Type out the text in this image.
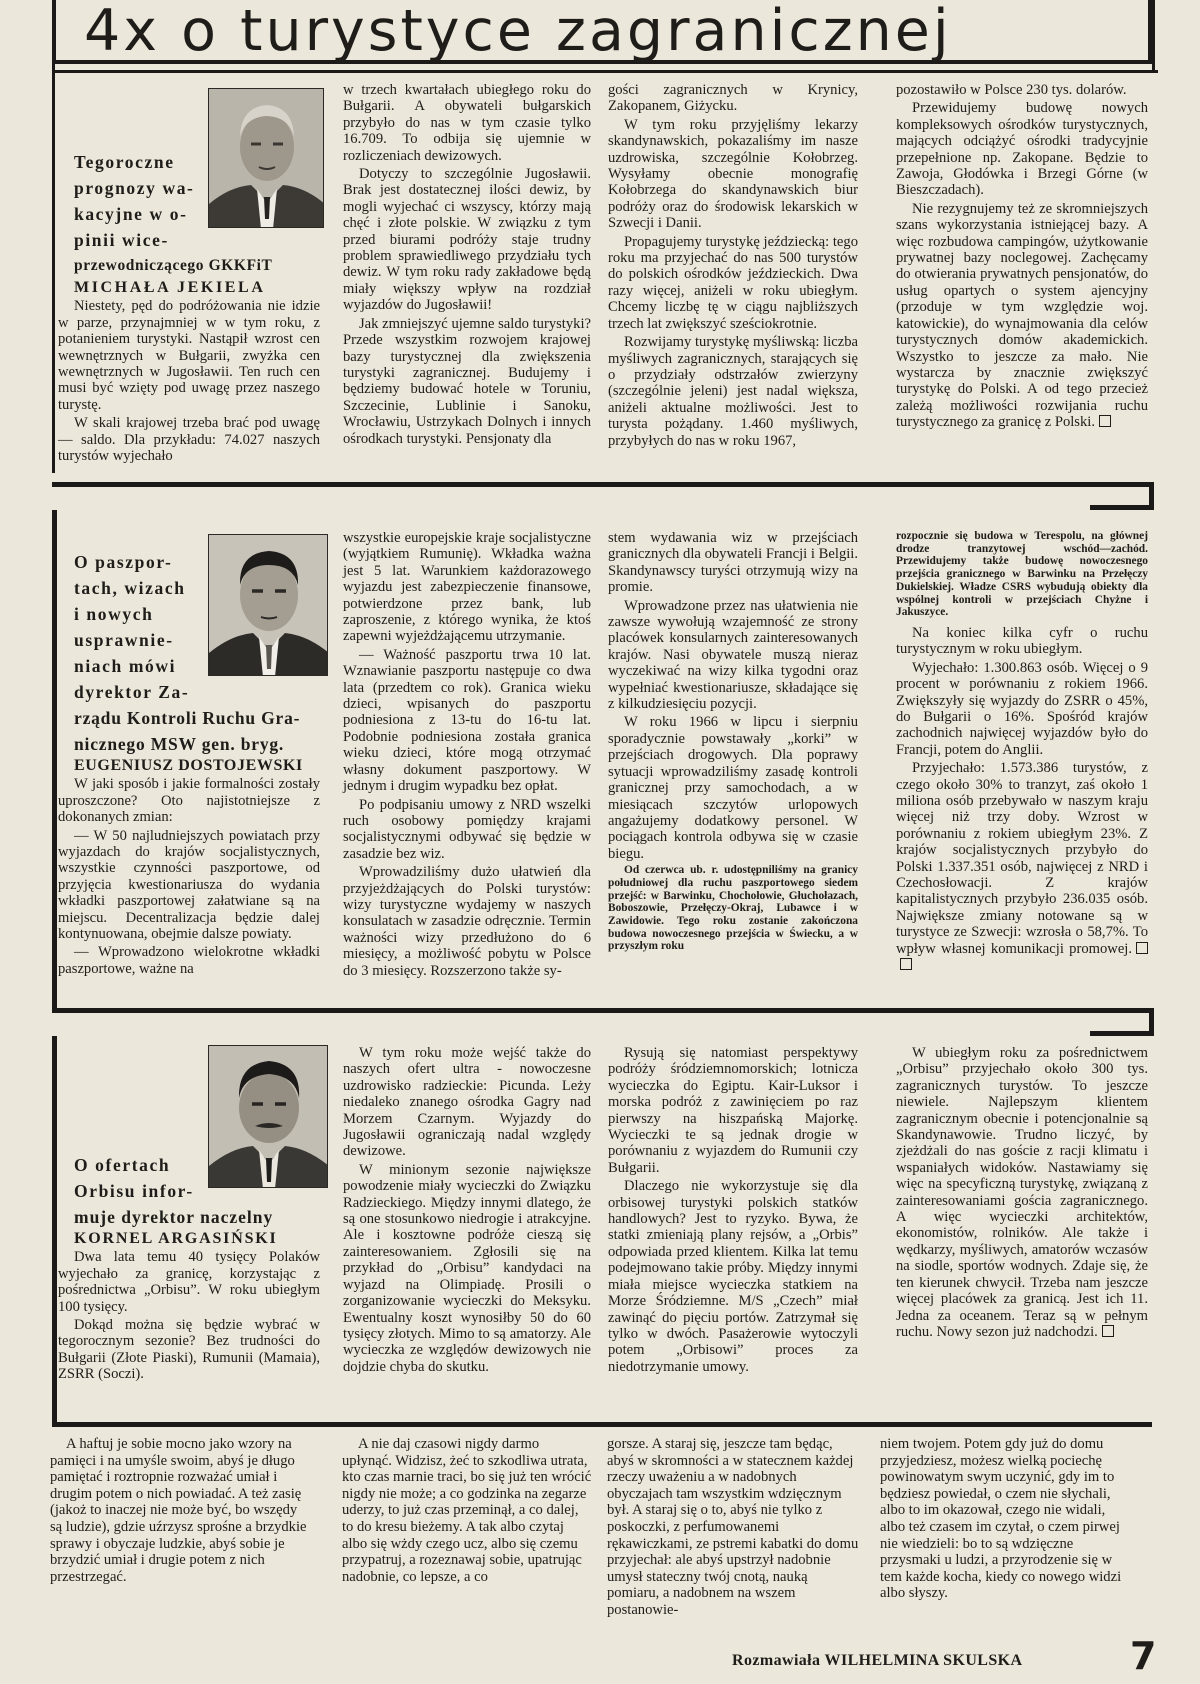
4x o turystyce zagranicznej

Tegoroczne

prognozy wa-

kacyjne w o-

pinii wice-

przewodniczącego GKKFiT

MICHAŁA JEKIELA

Niestety, pęd do podróżowania nie idzie w parze, przynajmniej w w tym roku, z potanieniem turystyki. Nastąpił wzrost cen wewnętrznych w Bułgarii, zwyżka cen wewnętrznych w Jugosławii. Ten ruch cen musi być wzięty pod uwagę przez naszego turystę.

W skali krajowej trzeba brać pod uwagę — saldo. Dla przykładu: 74.027 naszych turystów wyjechało

w trzech kwartałach ubiegłego roku do Bułgarii. A obywateli bułgarskich przybyło do nas w tym czasie tylko 16.709. To odbija się ujemnie w rozliczeniach dewizowych.

Dotyczy to szczególnie Jugosławii. Brak jest dostatecznej ilości dewiz, by mogli wyjechać ci wszyscy, którzy mają chęć i złote polskie. W związku z tym przed biurami podróży staje trudny problem sprawiedliwego przydziału tych dewiz. W tym roku rady zakładowe będą miały większy wpływ na rozdział wyjazdów do Jugosławii!

Jak zmniejszyć ujemne saldo turystyki? Przede wszystkim rozwojem krajowej bazy turystycznej dla zwiększenia turystyki zagranicznej. Budujemy i będziemy budować hotele w Toruniu, Szczecinie, Lublinie i Sanoku, Wrocławiu, Ustrzykach Dolnych i innych ośrodkach turystyki. Pensjonaty dla

gości zagranicznych w Krynicy, Zakopanem, Giżycku.

W tym roku przyjęliśmy lekarzy skandynawskich, pokazaliśmy im nasze uzdrowiska, szczególnie Kołobrzeg. Wysyłamy obecnie monografię Kołobrzega do skandynawskich biur podróży oraz do środowisk lekarskich w Szwecji i Danii.

Propagujemy turystykę jeździecką: tego roku ma przyjechać do nas 500 turystów do polskich ośrodków jeździeckich. Dwa razy więcej, aniżeli w roku ubiegłym. Chcemy liczbę tę w ciągu najbliższych trzech lat zwiększyć sześciokrotnie.

Rozwijamy turystykę myśliwską: liczba myśliwych zagranicznych, starających się o przydziały odstrzałów zwierzyny (szczególnie jeleni) jest nadal większa, aniżeli aktualne możliwości. Jest to turysta pożądany. 1.460 myśliwych, przybyłych do nas w roku 1967,

pozostawiło w Polsce 230 tys. dolarów.

Przewidujemy budowę nowych kompleksowych ośrodków turystycznych, mających odciążyć ośrodki tradycyjnie przepełnione np. Zakopane. Będzie to Zawoja, Głodówka i Brzegi Górne (w Bieszczadach).

Nie rezygnujemy też ze skromniejszych szans wykorzystania istniejącej bazy. A więc rozbudowa campingów, użytkowanie prywatnej bazy noclegowej. Zachęcamy do otwierania prywatnych pensjonatów, do usług opartych o system ajencyjny (przoduje w tym względzie woj. katowickie), do wynajmowania dla celów turystycznych domów akademickich. Wszystko to jeszcze za mało. Nie wystarcza by znacznie zwiększyć turystykę do Polski. A od tego przecież zależą możliwości rozwijania ruchu turystycznego za granicę z Polski.

O paszpor-

tach, wizach

i nowych

usprawnie-

niach mówi

dyrektor Za-

rządu Kontroli Ruchu Gra-

nicznego MSW gen. bryg.

EUGENIUSZ DOSTOJEWSKI

W jaki sposób i jakie formalności zostały uproszczone? Oto najistotniejsze z dokonanych zmian:

— W 50 najludniejszych powiatach przy wyjazdach do krajów socjalistycznych, wszystkie czynności paszportowe, od przyjęcia kwestionariusza do wydania wkładki paszportowej załatwiane są na miejscu. Decentralizacja będzie dalej kontynuowana, obejmie dalsze powiaty.

— Wprowadzono wielokrotne wkładki paszportowe, ważne na

wszystkie europejskie kraje socjalistyczne (wyjątkiem Rumunię). Wkładka ważna jest 5 lat. Warunkiem każdorazowego wyjazdu jest zabezpieczenie finansowe, potwierdzone przez bank, lub zaproszenie, z którego wynika, że ktoś zapewni wyjeżdżającemu utrzymanie.

— Ważność paszportu trwa 10 lat. Wznawianie paszportu następuje co dwa lata (przedtem co rok). Granica wieku dzieci, wpisanych do paszportu podniesiona z 13-tu do 16-tu lat. Podobnie podniesiona została granica wieku dzieci, które mogą otrzymać własny dokument paszportowy. W jednym i drugim wypadku bez opłat.

Po podpisaniu umowy z NRD wszelki ruch osobowy pomiędzy krajami socjalistycznymi odbywać się będzie w zasadzie bez wiz.

Wprowadziliśmy dużo ułatwień dla przyjeżdżających do Polski turystów: wizy turystyczne wydajemy w naszych konsulatach w zasadzie odręcznie. Termin ważności wizy przedłużono do 6 miesięcy, a możliwość pobytu w Polsce do 3 miesięcy. Rozszerzono także sy-

stem wydawania wiz w przejściach granicznych dla obywateli Francji i Belgii. Skandynawscy turyści otrzymują wizy na promie.

Wprowadzone przez nas ułatwienia nie zawsze wywołują wzajemność ze strony placówek konsularnych zainteresowanych krajów. Nasi obywatele muszą nieraz wyczekiwać na wizy kilka tygodni oraz wypełniać kwestionariusze, składające się z kilkudziesięciu pozycji.

W roku 1966 w lipcu i sierpniu sporadycznie powstawały „korki” w przejściach drogowych. Dla poprawy sytuacji wprowadziliśmy zasadę kontroli granicznej przy samochodach, a w miesiącach szczytów urlopowych angażujemy dodatkowy personel. W pociągach kontrola odbywa się w czasie biegu.

Od czerwca ub. r. udostępniliśmy na granicy południowej dla ruchu paszportowego siedem przejść: w Barwinku, Chochołowie, Głuchołazach, Boboszowie, Przełęczy-Okraj, Lubawce i w Zawidowie. Tego roku zostanie zakończona budowa nowoczesnego przejścia w Świecku, a w przyszłym roku

rozpocznie się budowa w Terespolu, na głównej drodze tranzytowej wschód—zachód. Przewidujemy także budowę nowoczesnego przejścia granicznego w Barwinku na Przełęczy Dukielskiej. Władze CSRS wybudują obiekty dla wspólnej kontroli w przejściach Chyżne i Jakuszyce.

Na koniec kilka cyfr o ruchu turystycznym w roku ubiegłym.

Wyjechało: 1.300.863 osób. Więcej o 9 procent w porównaniu z rokiem 1966. Zwiększyły się wyjazdy do ZSRR o 45%, do Bułgarii o 16%. Spośród krajów zachodnich najwięcej wyjazdów było do Francji, potem do Anglii.

Przyjechało: 1.573.386 turystów, z czego około 30% to tranzyt, zaś około 1 miliona osób przebywało w naszym kraju więcej niż trzy doby. Wzrost w porównaniu z rokiem ubiegłym 23%. Z krajów socjalistycznych przybyło do Polski 1.337.351 osób, najwięcej z NRD i Czechosłowacji. Z krajów kapitalistycznych przybyło 236.035 osób. Największe zmiany notowane są w turystyce ze Szwecji: wzrosła o 58,7%. To wpływ własnej komunikacji promowej.

O ofertach

Orbisu infor-

muje dyrektor naczelny

KORNEL ARGASIŃSKI

Dwa lata temu 40 tysięcy Polaków wyjechało za granicę, korzystając z pośrednictwa „Orbisu”. W roku ubiegłym 100 tysięcy.

Dokąd można się będzie wybrać w tegorocznym sezonie? Bez trudności do Bułgarii (Złote Piaski), Rumunii (Mamaia), ZSRR (Soczi).

W tym roku może wejść także do naszych ofert ultra - nowoczesne uzdrowisko radzieckie: Picunda. Leży niedaleko znanego ośrodka Gagry nad Morzem Czarnym. Wyjazdy do Jugosławii ograniczają nadal względy dewizowe.

W minionym sezonie największe powodzenie miały wycieczki do Związku Radzieckiego. Między innymi dlatego, że są one stosunkowo niedrogie i atrakcyjne. Ale i kosztowne podróże cieszą się zainteresowaniem. Zgłosili się na przykład do „Orbisu” kandydaci na wyjazd na Olimpiadę. Prosili o zorganizowanie wycieczki do Meksyku. Ewentualny koszt wynosiłby 50 do 60 tysięcy złotych. Mimo to są amatorzy. Ale wycieczka ze względów dewizowych nie dojdzie chyba do skutku.

Rysują się natomiast perspektywy podróży śródziemnomorskich; lotnicza wycieczka do Egiptu. Kair-Luksor i morska podróż z zawinięciem po raz pierwszy na hiszpańską Majorkę. Wycieczki te są jednak drogie w porównaniu z wyjazdem do Rumunii czy Bułgarii.

Dlaczego nie wykorzystuje się dla orbisowej turystyki polskich statków handlowych? Jest to ryzyko. Bywa, że statki zmieniają plany rejsów, a „Orbis” odpowiada przed klientem. Kilka lat temu podejmowano takie próby. Między innymi miała miejsce wycieczka statkiem na Morze Śródziemne. M/S „Czech” miał zawinąć do pięciu portów. Zatrzymał się tylko w dwóch. Pasażerowie wytoczyli potem „Orbisowi” proces za niedotrzymanie umowy.

W ubiegłym roku za pośrednictwem „Orbisu” przyjechało około 300 tys. zagranicznych turystów. To jeszcze niewiele. Najlepszym klientem zagranicznym obecnie i potencjonalnie są Skandynawowie. Trudno liczyć, by zjeżdżali do nas goście z racji klimatu i wspaniałych widoków. Nastawiamy się więc na specyficzną turystykę, związaną z zainteresowaniami gościa zagranicznego. A więc wycieczki architektów, ekonomistów, rolników. Ale także i wędkarzy, myśliwych, amatorów wczasów na siodle, sportów wodnych. Zdaje się, że ten kierunek chwycił. Trzeba nam jeszcze więcej placówek za granicą. Jest ich 11. Jedna za oceanem. Teraz są w pełnym ruchu. Nowy sezon już nadchodzi.

A haftuj je sobie mocno jako wzory na pamięci i na umyśle swoim, abyś je długo pamiętać i roztropnie rozważać umiał i drugim potem o nich powiadać. A też zasię (jakoż to inaczej nie może być, bo wszędy są ludzie), gdzie uźrzysz sprośne a brzydkie sprawy i obyczaje ludzkie, abyś sobie je brzydzić umiał i drugie potem z nich przestrzegać.

A nie daj czasowi nigdy darmo upłynąć. Widzisz, żeć to szkodliwa utrata, kto czas marnie traci, bo się już ten wrócić nigdy nie może; a co godzinka na zegarze uderzy, to już czas przeminął, a co dalej, to do kresu bieżemy. A tak albo czytaj albo się wżdy czego ucz, albo się czemu przypatruj, a rozeznawaj sobie, upatrując nadobnie, co lepsze, a co

gorsze. A staraj się, jeszcze tam będąc, abyś w skromności a w statecznem każdej rzeczy uważeniu a w nadobnych obyczajach tam wszystkim wdzięcznym był. A staraj się o to, abyś nie tylko z poskoczki, z perfumowanemi rękawiczkami, ze pstremi kabatki do domu przyjechał: ale abyś upstrzył nadobnie umysł stateczny twój cnotą, nauką pomiaru, a nadobnem na wszem postanowie-

niem twojem. Potem gdy już do domu przyjedziesz, możesz wielką pociechę powinowatym swym uczynić, gdy im to będziesz powiedał, o czem nie słychali, albo to im okazował, czego nie widali, albo też czasem im czytał, o czem pirwej nie wiedzieli: bo to są wdzięczne przysmaki u ludzi, a przyrodzenie się w tem każde kocha, kiedy co nowego widzi albo słyszy.

Rozmawiała WILHELMINA SKULSKA	7
